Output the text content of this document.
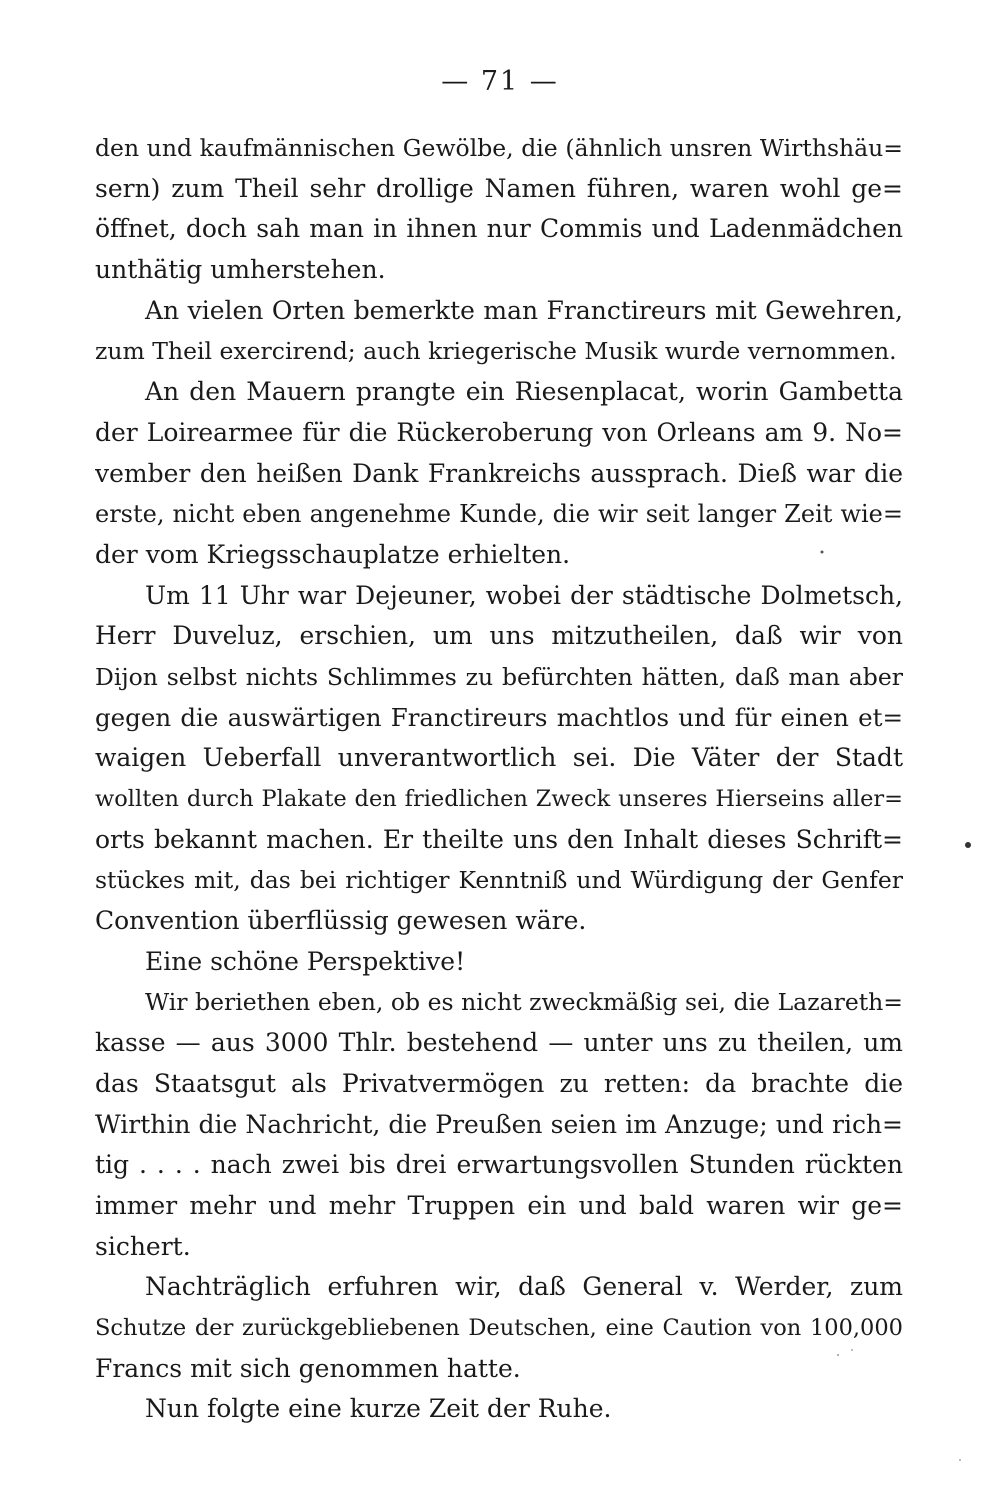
— 71 —
den und kaufmännischen Gewölbe, die (ähnlich unsren Wirthshäu=
sern) zum Theil sehr drollige Namen führen, waren wohl ge=
öffnet, doch sah man in ihnen nur Commis und Ladenmädchen
unthätig umherstehen.
An vielen Orten bemerkte man Franctireurs mit Gewehren,
zum Theil exercirend; auch kriegerische Musik wurde vernommen.
An den Mauern prangte ein Riesenplacat, worin Gambetta
der Loirearmee für die Rückeroberung von Orleans am 9. No=
vember den heißen Dank Frankreichs aussprach. Dieß war die
erste, nicht eben angenehme Kunde, die wir seit langer Zeit wie=
der vom Kriegsschauplatze erhielten.
Um 11 Uhr war Dejeuner, wobei der städtische Dolmetsch,
Herr Duveluz, erschien, um uns mitzutheilen, daß wir von
Dijon selbst nichts Schlimmes zu befürchten hätten, daß man aber
gegen die auswärtigen Franctireurs machtlos und für einen et=
waigen Ueberfall unverantwortlich sei. Die Väter der Stadt
wollten durch Plakate den friedlichen Zweck unseres Hierseins aller=
orts bekannt machen. Er theilte uns den Inhalt dieses Schrift=
stückes mit, das bei richtiger Kenntniß und Würdigung der Genfer
Convention überflüssig gewesen wäre.
Eine schöne Perspektive!
Wir beriethen eben, ob es nicht zweckmäßig sei, die Lazareth=
kasse — aus 3000 Thlr. bestehend — unter uns zu theilen, um
das Staatsgut als Privatvermögen zu retten: da brachte die
Wirthin die Nachricht, die Preußen seien im Anzuge; und rich=
tig . . . . nach zwei bis drei erwartungsvollen Stunden rückten
immer mehr und mehr Truppen ein und bald waren wir ge=
sichert.
Nachträglich erfuhren wir, daß General v. Werder, zum
Schutze der zurückgebliebenen Deutschen, eine Caution von 100,000
Francs mit sich genommen hatte.
Nun folgte eine kurze Zeit der Ruhe.
